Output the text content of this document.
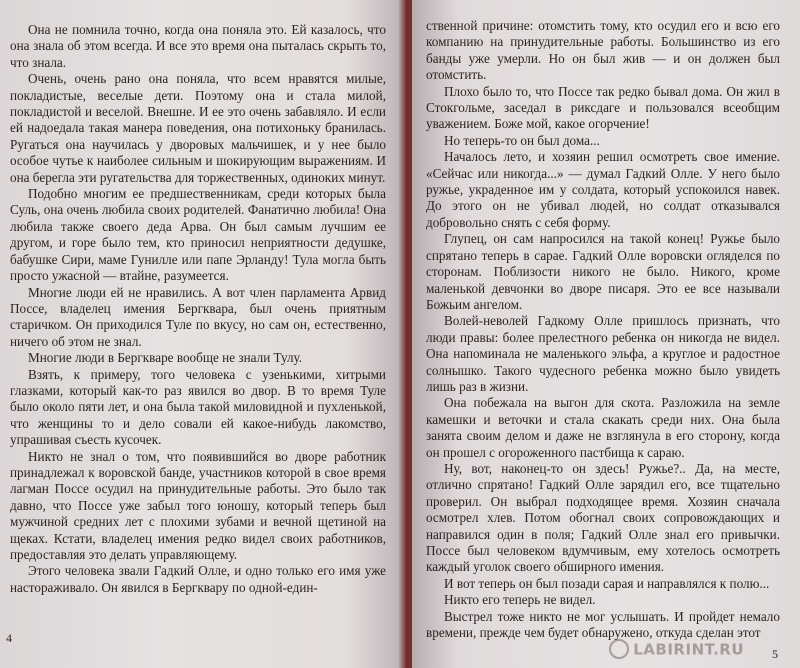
Она не помнила точно, когда она поняла это. Ей казалось, что она знала об этом всегда. И все это время она пыталась скрыть то, что знала.

Очень, очень рано она поняла, что всем нравятся милые, покладистые, веселые дети. Поэтому она и стала милой, покладистой и веселой. Внешне. И ее это очень забавляло. И если ей надоедала такая манера поведения, она потихоньку бранилась. Ругаться она научилась у дворовых мальчишек, и у нее было особое чутье к наиболее сильным и шокирующим выражениям. И она берегла эти ругательства для торжественных, одиноких минут.

Подобно многим ее предшественникам, среди которых была Суль, она очень любила своих родителей. Фанатично любила! Она любила также своего деда Арва. Он был самым лучшим ее другом, и горе было тем, кто приносил неприятности дедушке, бабушке Сири, маме Гунилле или папе Эрланду! Тула могла быть просто ужасной — втайне, разумеется.

Многие люди ей не нравились. А вот член парламента Арвид Поссе, владелец имения Бергквара, был очень приятным старичком. Он приходился Туле по вкусу, но сам он, естественно, ничего об этом не знал.

Многие люди в Бергкваре вообще не знали Тулу.

Взять, к примеру, того человека с узенькими, хитрыми глазками, который как-то раз явился во двор. В то время Туле было около пяти лет, и она была такой миловидной и пухленькой, что женщины то и дело совали ей какое-нибудь лакомство, упрашивая съесть кусочек.

Никто не знал о том, что появившийся во дворе работник принадлежал к воровской банде, участников которой в свое время лагман Поссе осудил на принудительные работы. Это было так давно, что Поссе уже забыл того юношу, который теперь был мужчиной средних лет с плохими зубами и вечной щетиной на щеках. Кстати, владелец имения редко видел своих работников, предоставляя это делать управляющему.

Этого человека звали Гадкий Олле, и одно только его имя уже настораживало. Он явился в Бергквару по одной-един-

4

ственной причине: отомстить тому, кто осудил его и всю его компанию на принудительные работы. Большинство из его банды уже умерли. Но он был жив — и он должен был отомстить.

Плохо было то, что Поссе так редко бывал дома. Он жил в Стокгольме, заседал в риксдаге и пользовался всеобщим уважением. Боже мой, какое огорчение!

Но теперь-то он был дома...

Началось лето, и хозяин решил осмотреть свое имение. «Сейчас или никогда...» — думал Гадкий Олле. У него было ружье, украденное им у солдата, который успокоился навек. До этого он не убивал людей, но солдат отказывался добровольно снять с себя форму.

Глупец, он сам напросился на такой конец! Ружье было спрятано теперь в сарае. Гадкий Олле воровски огляделся по сторонам. Поблизости никого не было. Никого, кроме маленькой девчонки во дворе писаря. Это ее все называли Божьим ангелом.

Волей-неволей Гадкому Олле пришлось признать, что люди правы: более прелестного ребенка он никогда не видел. Она напоминала не маленького эльфа, а круглое и радостное солнышко. Такого чудесного ребенка можно было увидеть лишь раз в жизни.

Она побежала на выгон для скота. Разложила на земле камешки и веточки и стала скакать среди них. Она была занята своим делом и даже не взглянула в его сторону, когда он прошел с огороженного пастбища к сараю.

Ну, вот, наконец-то он здесь! Ружье?.. Да, на месте, отлично спрятано! Гадкий Олле зарядил его, все тщательно проверил. Он выбрал подходящее время. Хозяин сначала осмотрел хлев. Потом обогнал своих сопровождающих и направился один в поля; Гадкий Олле знал его привычки. Поссе был человеком вдумчивым, ему хотелось осмотреть каждый уголок своего обширного имения.

И вот теперь он был позади сарая и направлялся к полю...

Никто его теперь не видел.

Выстрел тоже никто не мог услышать. И пройдет немало времени, прежде чем будет обнаружено, откуда сделан этот

LABIRINT.RU 5
